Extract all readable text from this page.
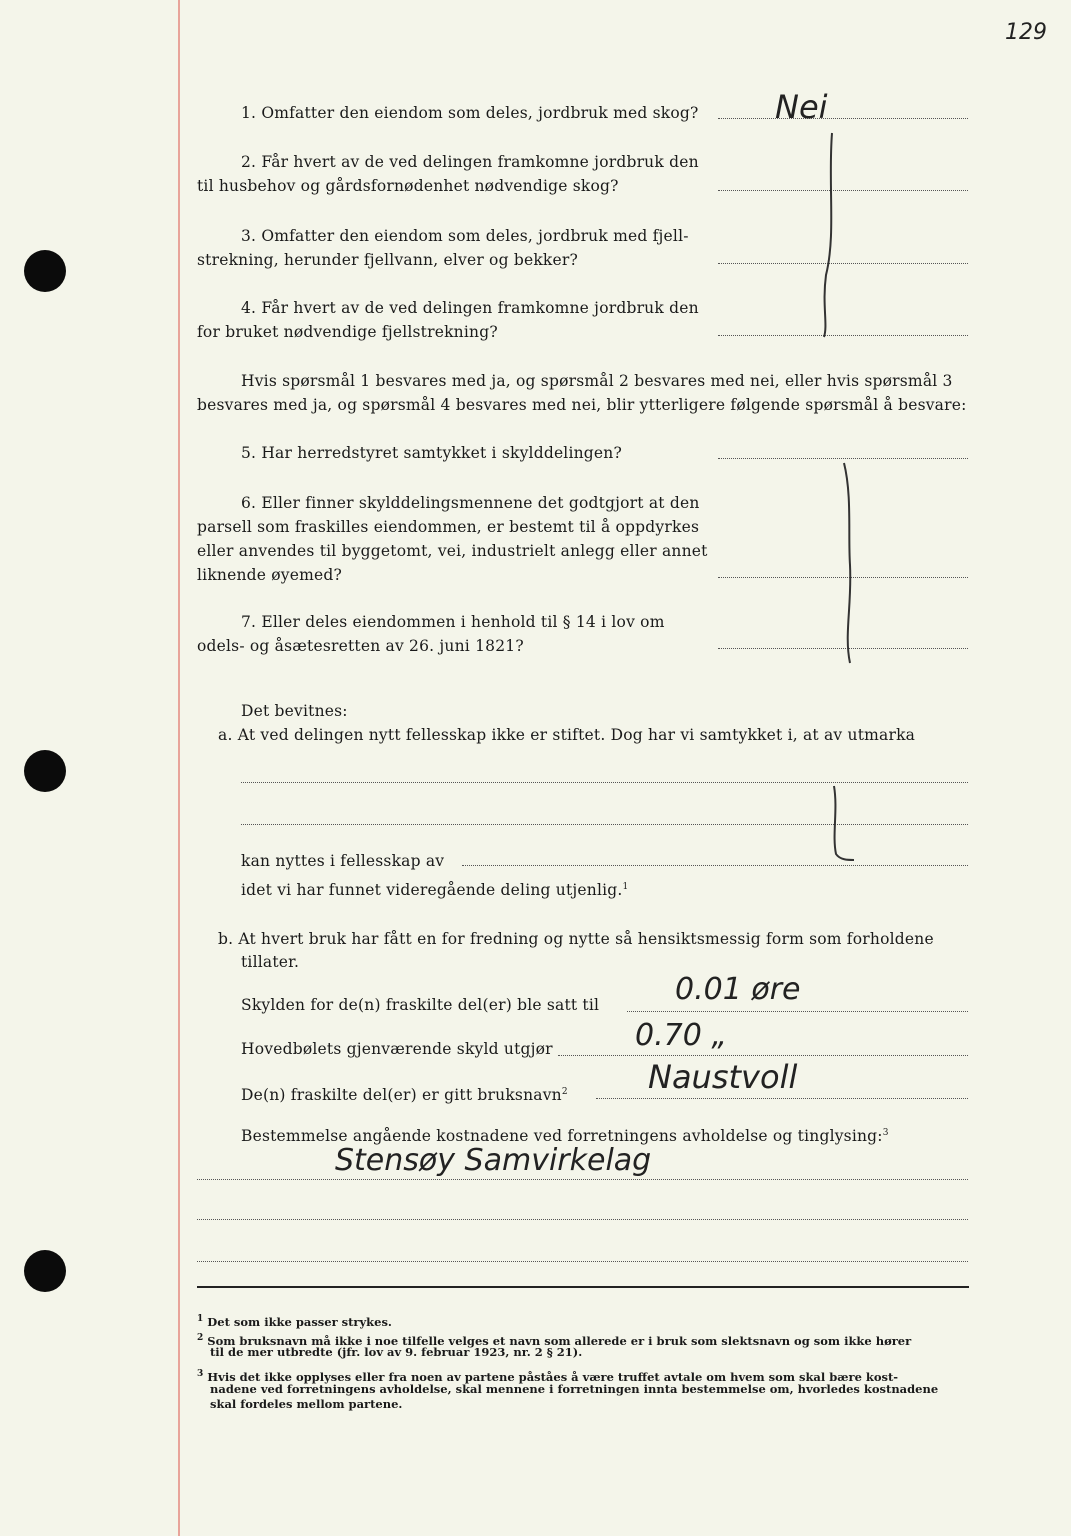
129
1. Omfatter den eiendom som deles, jordbruk med skog? Nei
2. Får hvert av de ved delingen framkomne jordbruk den
til husbehov og gårdsfornødenhet nødvendige skog?
3. Omfatter den eiendom som deles, jordbruk med fjell-
strekning, herunder fjellvann, elver og bekker?
4. Får hvert av de ved delingen framkomne jordbruk den
for bruket nødvendige fjellstrekning?
Hvis spørsmål 1 besvares med ja, og spørsmål 2 besvares med nei, eller hvis spørsmål 3
besvares med ja, og spørsmål 4 besvares med nei, blir ytterligere følgende spørsmål å besvare:
5. Har herredstyret samtykket i skylddelingen?
6. Eller finner skylddelingsmennene det godtgjort at den
parsell som fraskilles eiendommen, er bestemt til å oppdyrkes
eller anvendes til byggetomt, vei, industrielt anlegg eller annet
liknende øyemed?
7. Eller deles eiendommen i henhold til § 14 i lov om
odels- og åsætesretten av 26. juni 1821?
Det bevitnes:
a. At ved delingen nytt fellesskap ikke er stiftet. Dog har vi samtykket i, at av utmarka
kan nyttes i fellesskap av
idet vi har funnet videregående deling utjenlig.$^1$
b. At hvert bruk har fått en for fredning og nytte så hensiktsmessig form som forholdene
tillater.
Skylden for de(n) fraskilte del(er) ble satt til	0.01 øre
Hovedbølets gjenværende skyld utgjør	0.70 „
De(n) fraskilte del(er) er gitt bruksnavn$^2$	Naustvoll
Bestemmelse angående kostnadene ved forretningens avholdelse og tinglysing:$^3$
Stensøy Samvirkelag
$^1$ Det som ikke passer strykes.
$^2$ Som bruksnavn må ikke i noe tilfelle velges et navn som allerede er i bruk som slektsnavn og som ikke hører
til de mer utbredte (jfr. lov av 9. februar 1923, nr. 2 § 21).
$^3$ Hvis det ikke opplyses eller fra noen av partene påståes å være truffet avtale om hvem som skal bære kost-
nadene ved forretningens avholdelse, skal mennene i forretningen innta bestemmelse om, hvorledes kostnadene
skal fordeles mellom partene.
